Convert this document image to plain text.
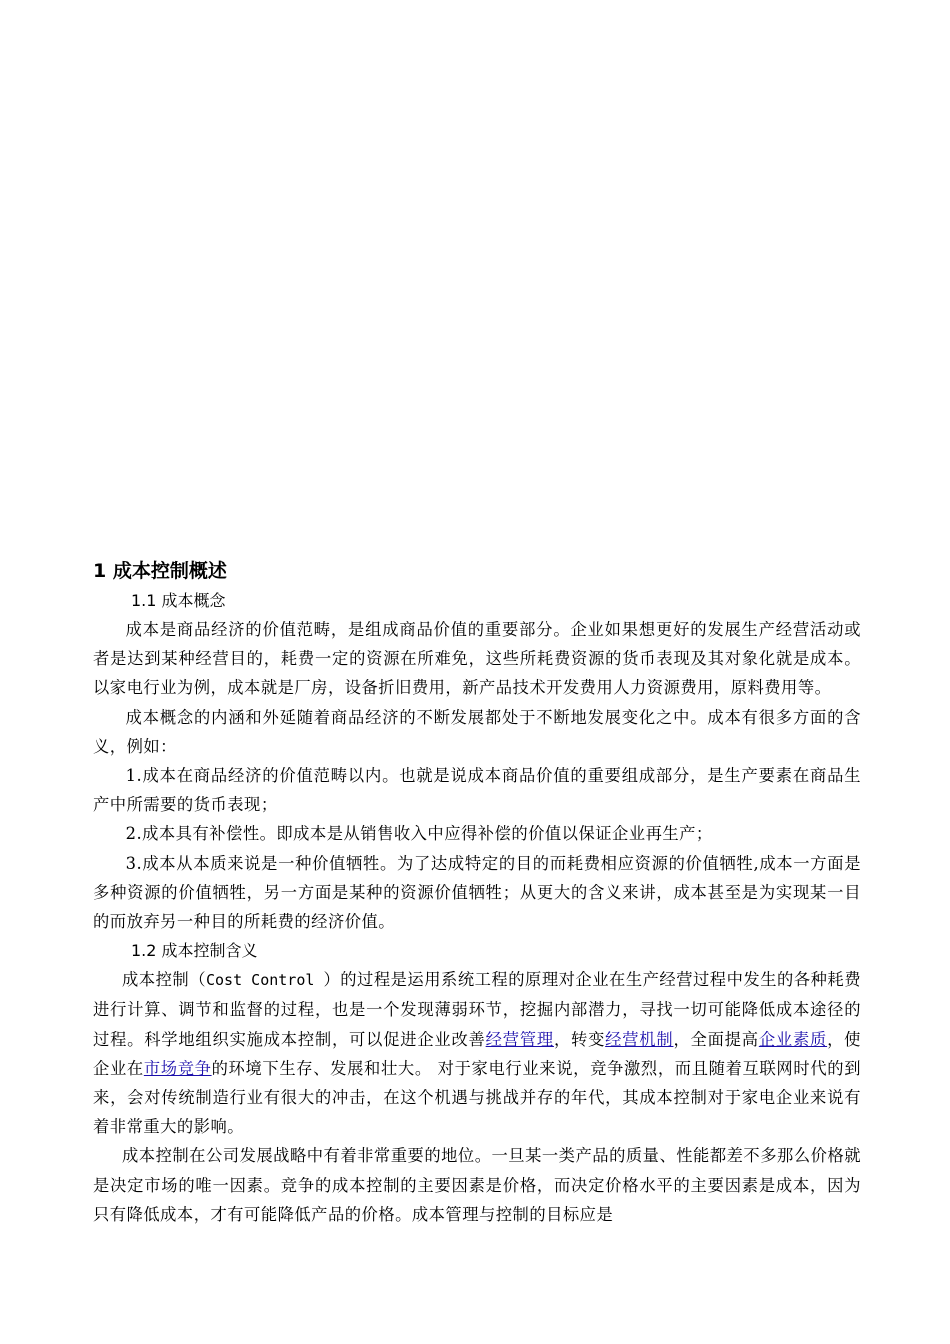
1 成本控制概述
1.1 成本概念

成本是商品经济的价值范畴，是组成商品价值的重要部分。企业如果想更好的发展生产经营活动或者是达到某种经营目的，耗费一定的资源在所难免，这些所耗费资源的货币表现及其对象化就是成本。 以家电行业为例，成本就是厂房，设备折旧费用，新产品技术开发费用人力资源费用，原料费用等。

成本概念的内涵和外延随着商品经济的不断发展都处于不断地发展变化之中。成本有很多方面的含义，例如：

1.成本在商品经济的价值范畴以内。也就是说成本商品价值的重要组成部分，是生产要素在商品生产中所需要的货币表现；

2.成本具有补偿性。即成本是从销售收入中应得补偿的价值以保证企业再生产；

3.成本从本质来说是一种价值牺牲。为了达成特定的目的而耗费相应资源的价值牺牲,成本一方面是多种资源的价值牺牲，另一方面是某种的资源价值牺牲；从更大的含义来讲，成本甚至是为实现某一目的而放弃另一种目的所耗费的经济价值。

1.2 成本控制含义

成本控制（Cost Control ）的过程是运用系统工程的原理对企业在生产经营过程中发生的各种耗费进行计算、调节和监督的过程，也是一个发现薄弱环节，挖掘内部潜力，寻找一切可能降低成本途径的过程。科学地组织实施成本控制，可以促进企业改善经营管理，转变经营机制，全面提高企业素质，使企业在市场竞争的环境下生存、发展和壮大。 对于家电行业来说，竞争激烈，而且随着互联网时代的到来，会对传统制造行业有很大的冲击，在这个机遇与挑战并存的年代，其成本控制对于家电企业来说有着非常重大的影响。

成本控制在公司发展战略中有着非常重要的地位。一旦某一类产品的质量、性能都差不多那么价格就是决定市场的唯一因素。竞争的成本控制的主要因素是价格，而决定价格水平的主要因素是成本，因为只有降低成本，才有可能降低产品的价格。成本管理与控制的目标应是
